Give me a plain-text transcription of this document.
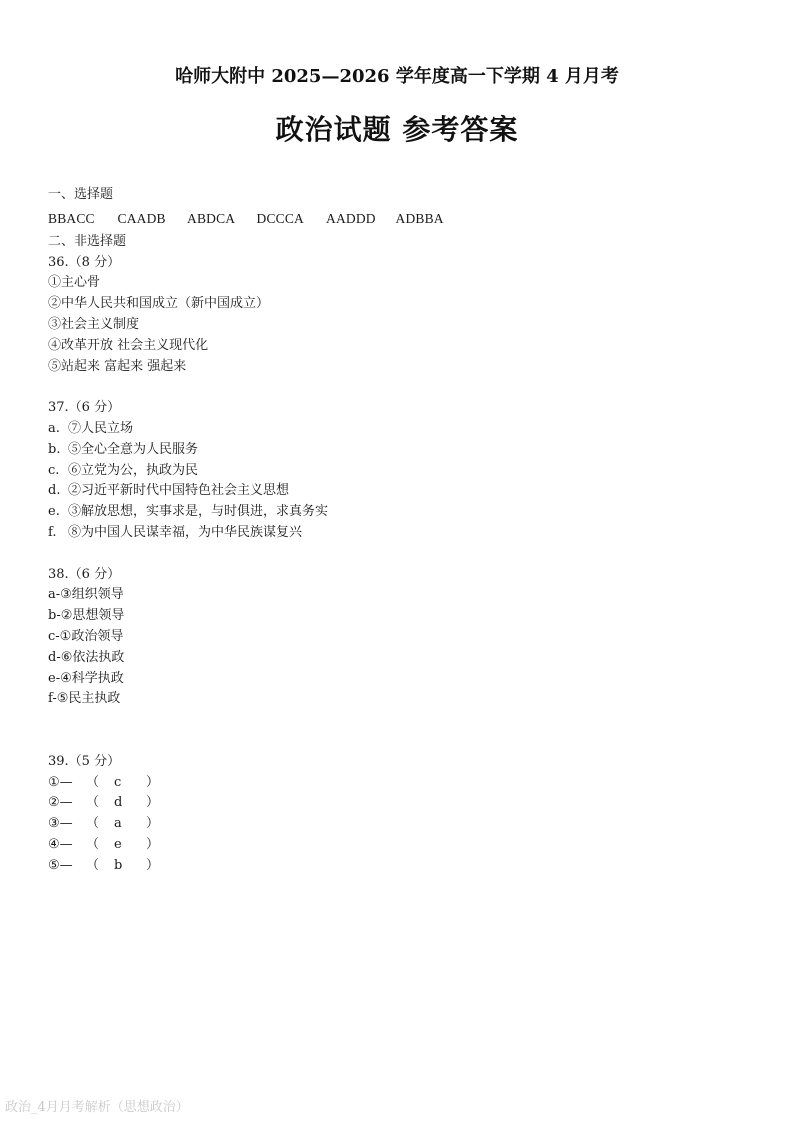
哈师大附中 2025—2026 学年度高一下学期 4 月月考
政治试题 参考答案
一、选择题
BBACC	CAADB	ABDCA	DCCCA	AADDD	ADBBA
二、非选择题
36.（8 分）
①主心骨
②中华人民共和国成立（新中国成立）
③社会主义制度
④改革开放 社会主义现代化
⑤站起来 富起来 强起来
37.（6 分）
a. ⑦人民立场
b. ⑤全心全意为人民服务
c. ⑥立党为公，执政为民
d. ②习近平新时代中国特色社会主义思想
e. ③解放思想，实事求是，与时俱进，求真务实
f. ⑧为中国人民谋幸福，为中华民族谋复兴
38.（6 分）
a-③组织领导
b-②思想领导
c-①政治领导
d-⑥依法执政
e-④科学执政
f-⑤民主执政
39.（5 分）
①—	（	c	）
②—	（	d	）
③—	（	a	）
④—	（	e	）
⑤—	（	b	）
政治_4月月考解析（思想政治）
